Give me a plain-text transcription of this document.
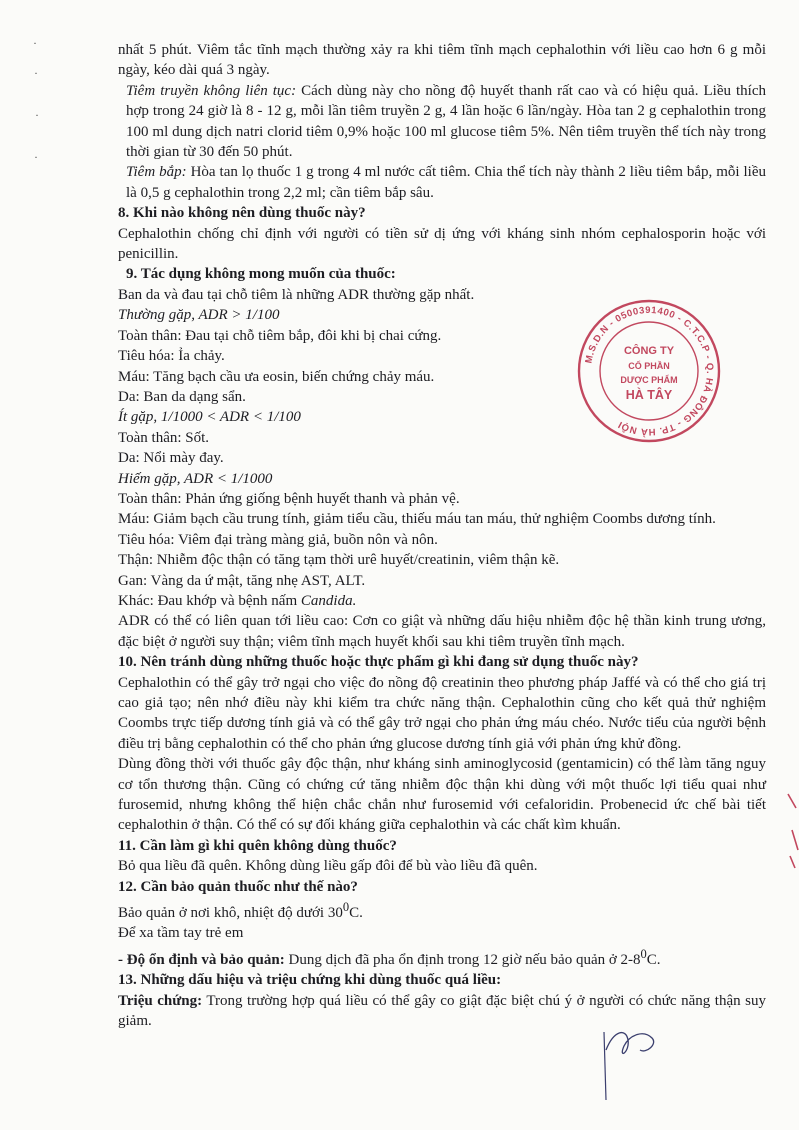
·
·
·
·

nhất 5 phút. Viêm tắc tĩnh mạch thường xảy ra khi tiêm tĩnh mạch cephalothin với liều cao hơn 6 g mỗi ngày, kéo dài quá 3 ngày.

Tiêm truyền không liên tục: Cách dùng này cho nồng độ huyết thanh rất cao và có hiệu quả. Liều thích hợp trong 24 giờ là 8 - 12 g, mỗi lần tiêm truyền 2 g, 4 lần hoặc 6 lần/ngày. Hòa tan 2 g cephalothin trong 100 ml dung dịch natri clorid tiêm 0,9% hoặc 100 ml glucose tiêm 5%. Nên tiêm truyền thể tích này trong thời gian từ 30 đến 50 phút.

Tiêm bắp: Hòa tan lọ thuốc 1 g trong 4 ml nước cất tiêm. Chia thể tích này thành 2 liều tiêm bắp, mỗi liều là 0,5 g cephalothin trong 2,2 ml; cần tiêm bắp sâu.

8. Khi nào không nên dùng thuốc này?

Cephalothin chống chỉ định với người có tiền sử dị ứng với kháng sinh nhóm cephalosporin hoặc với penicillin.

9. Tác dụng không mong muốn của thuốc:

Ban da và đau tại chỗ tiêm là những ADR thường gặp nhất.

Thường gặp, ADR > 1/100

Toàn thân: Đau tại chỗ tiêm bắp, đôi khi bị chai cứng.

Tiêu hóa: Ỉa chảy.

Máu: Tăng bạch cầu ưa eosin, biến chứng chảy máu.

Da: Ban da dạng sẩn.

Ít gặp, 1/1000 < ADR < 1/100

Toàn thân: Sốt.

Da: Nổi mày đay.

Hiếm gặp, ADR < 1/1000

Toàn thân: Phản ứng giống bệnh huyết thanh và phản vệ.

Máu: Giảm bạch cầu trung tính, giảm tiểu cầu, thiếu máu tan máu, thử nghiệm Coombs dương tính.

Tiêu hóa: Viêm đại tràng màng giả, buồn nôn và nôn.

Thận: Nhiễm độc thận có tăng tạm thời urê huyết/creatinin, viêm thận kẽ.

Gan: Vàng da ứ mật, tăng nhẹ AST, ALT.

Khác: Đau khớp và bệnh nấm Candida.

ADR có thể có liên quan tới liều cao: Cơn co giật và những dấu hiệu nhiễm độc hệ thần kinh trung ương, đặc biệt ở người suy thận; viêm tĩnh mạch huyết khối sau khi tiêm truyền tĩnh mạch.

10. Nên tránh dùng những thuốc hoặc thực phẩm gì khi đang sử dụng thuốc này?

Cephalothin có thể gây trở ngại cho việc đo nồng độ creatinin theo phương pháp Jaffé và có thể cho giá trị cao giả tạo; nên nhớ điều này khi kiểm tra chức năng thận. Cephalothin cũng cho kết quả thử nghiệm Coombs trực tiếp dương tính giả và có thể gây trở ngại cho phản ứng máu chéo. Nước tiểu của người bệnh điều trị bằng cephalothin có thể cho phản ứng glucose dương tính giả với phản ứng khử đồng.

Dùng đồng thời với thuốc gây độc thận, như kháng sinh aminoglycosid (gentamicin) có thể làm tăng nguy cơ tổn thương thận. Cũng có chứng cứ tăng nhiễm độc thận khi dùng với một thuốc lợi tiểu quai như furosemid, nhưng không thể hiện chắc chắn như furosemid với cefaloridin. Probenecid ức chế bài tiết cephalothin ở thận. Có thể có sự đối kháng giữa cephalothin và các chất kìm khuẩn.

11. Cần làm gì khi quên không dùng thuốc?

Bỏ qua liều đã quên. Không dùng liều gấp đôi để bù vào liều đã quên.

12. Cần bảo quản thuốc như thế nào?

Bảo quản ở nơi khô, nhiệt độ dưới $30^0C$.

Để xa tầm tay trẻ em

- Độ ổn định và bảo quản: Dung dịch đã pha ổn định trong 12 giờ nếu bảo quản ở $2-8^0C$.

13. Những dấu hiệu và triệu chứng khi dùng thuốc quá liều:

Triệu chứng: Trong trường hợp quá liều có thể gây co giật đặc biệt chú ý ở người có chức năng thận suy giảm.

M.S.D.N - 0500391400 - C.T.C.P - Q. HÀ ĐÔNG - TP. HÀ NỘI
CÔNG TY
CỔ PHẦN
DƯỢC PHẨM
HÀ TÂY
